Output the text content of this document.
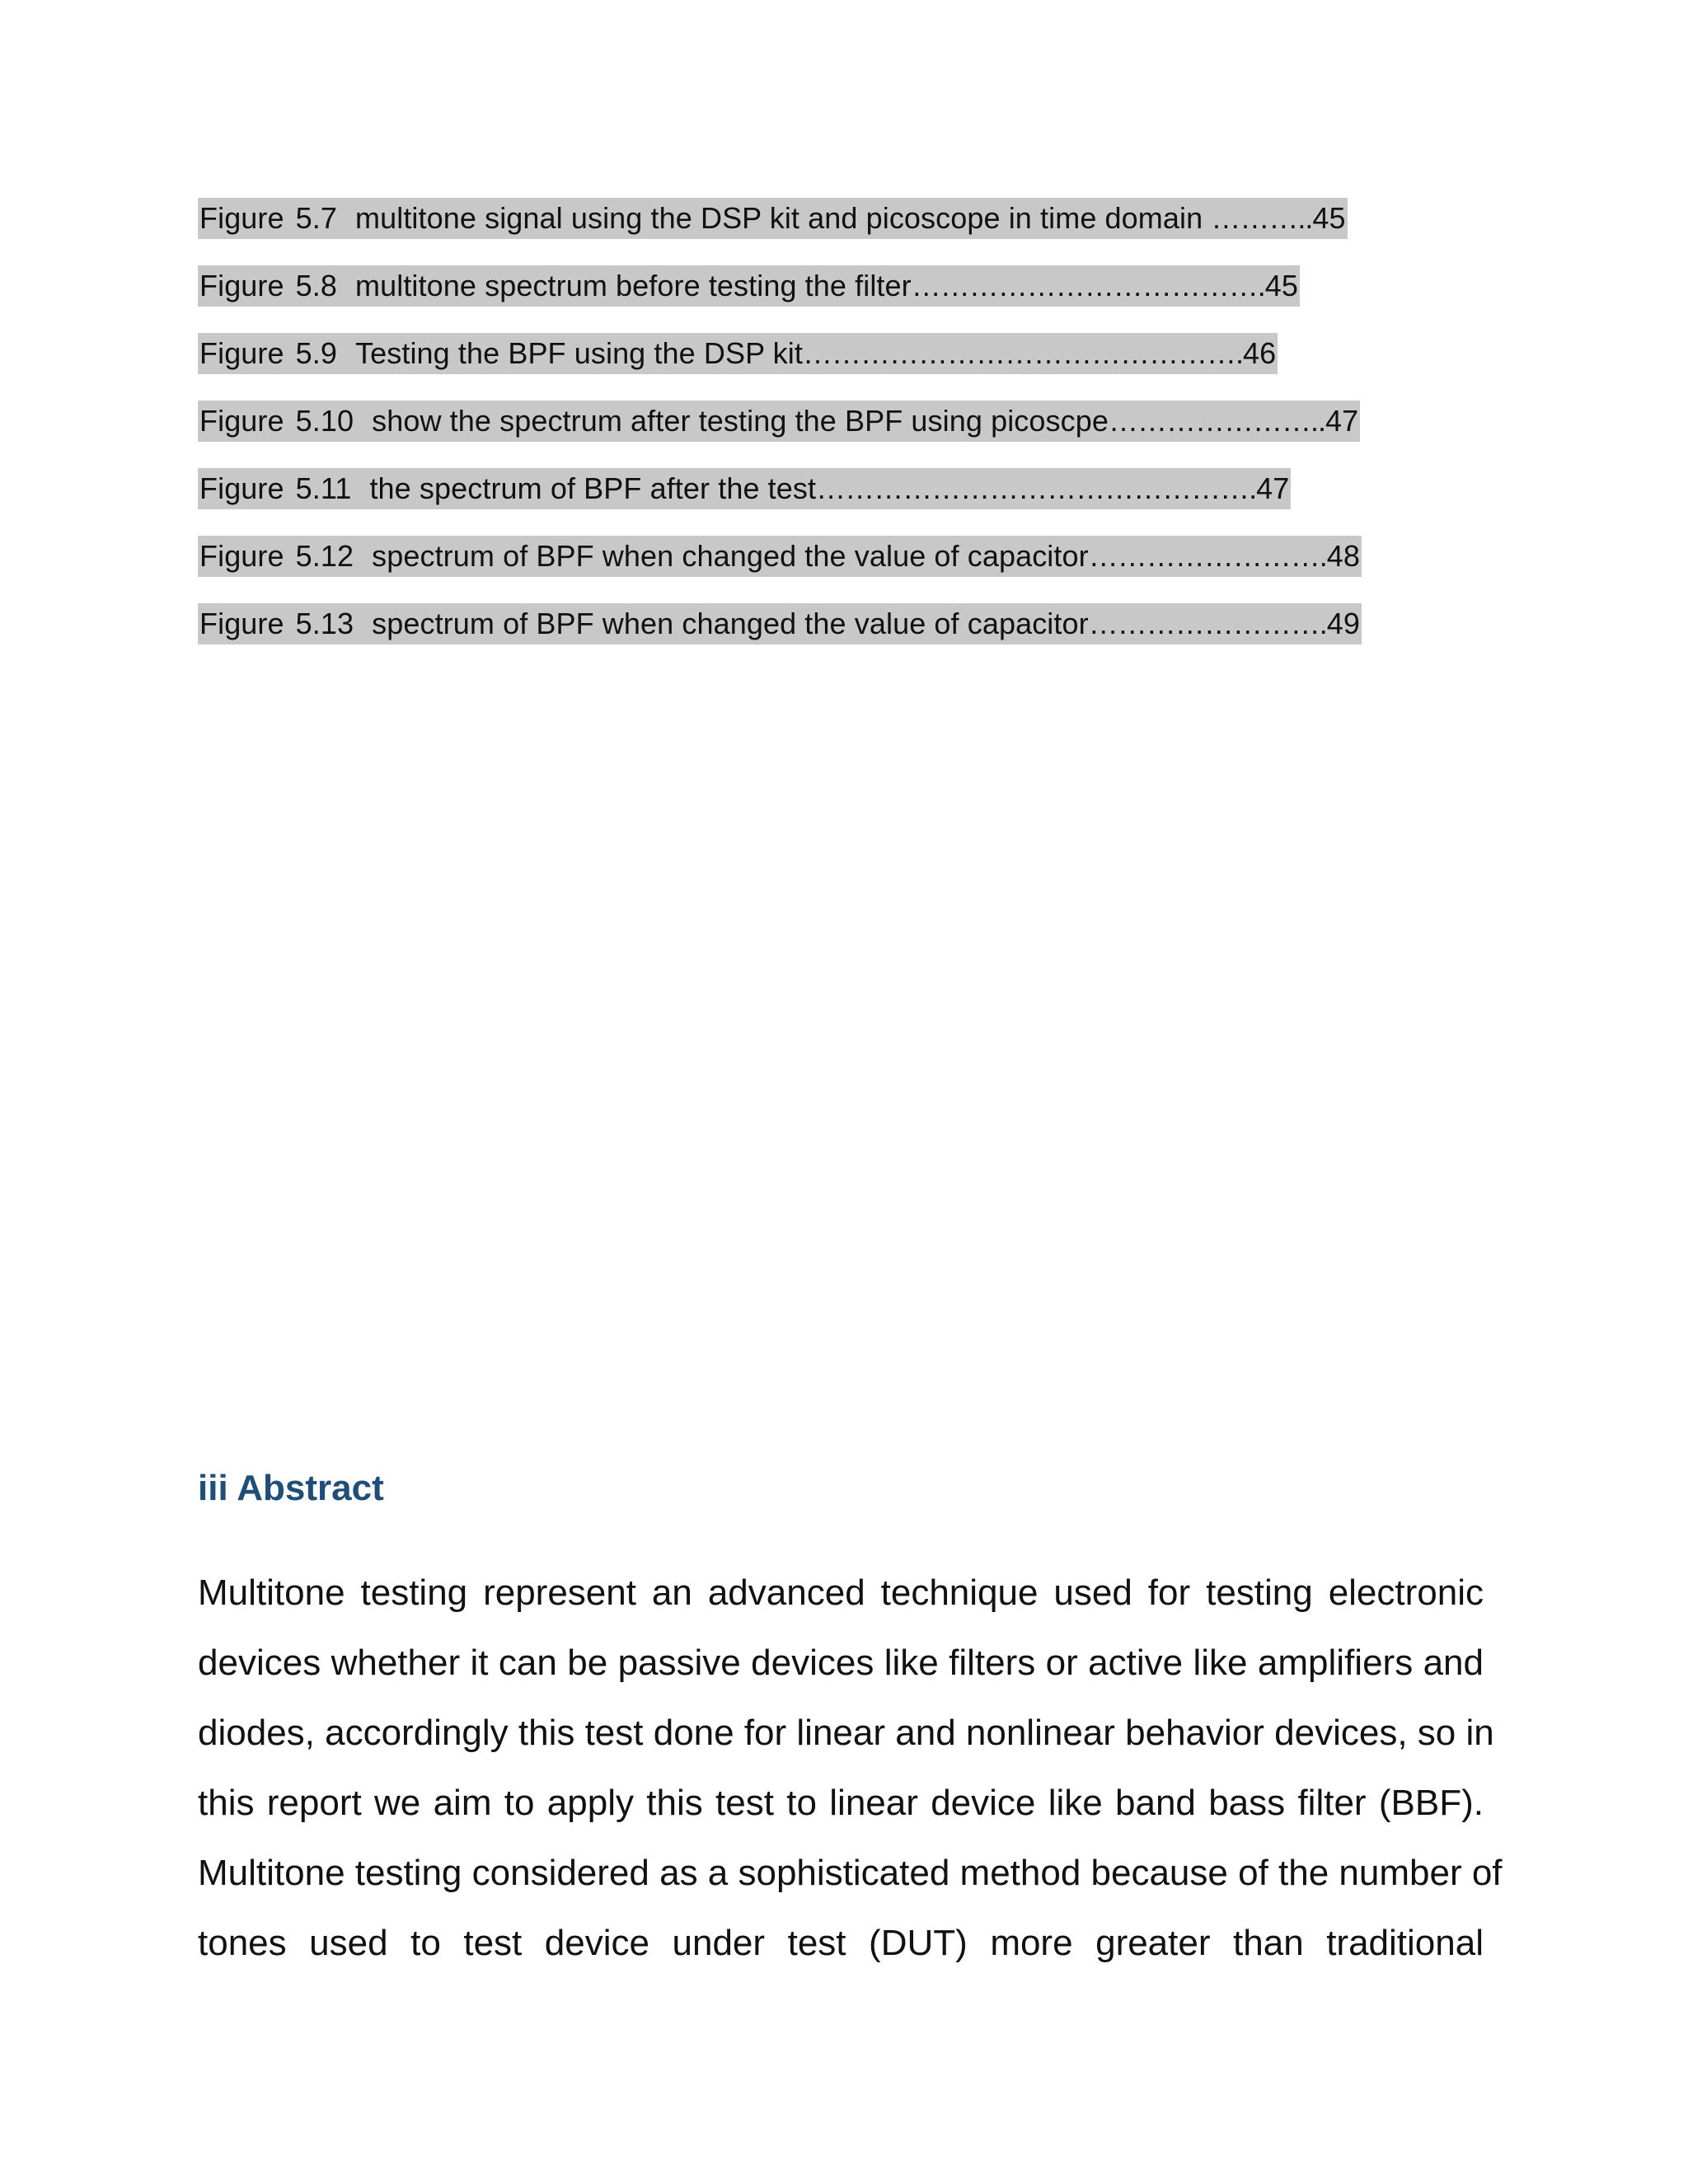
Figure 5.7 multitone signal using the DSP kit and picoscope in time domain ………..45
Figure 5.8 multitone spectrum before testing the filter……………………………….45
Figure 5.9 Testing the BPF using the DSP kit……………………………………….46
Figure 5.10 show the spectrum after testing the BPF using picoscpe…………………..47
Figure 5.11 the spectrum of BPF after the test……………………………………….47
Figure 5.12 spectrum of BPF when changed the value of capacitor…………………….48
Figure 5.13 spectrum of BPF when changed the value of capacitor…………………….49
iii Abstract
Multitone testing represent an advanced technique used for testing electronic
devices whether it can be passive devices like filters or active like amplifiers and
diodes, accordingly this test done for linear and nonlinear behavior devices, so in
this report we aim to apply this test to linear device like band bass filter (BBF).
Multitone testing considered as a sophisticated method because of the number of
tones used to test device under test (DUT) more greater than traditional
